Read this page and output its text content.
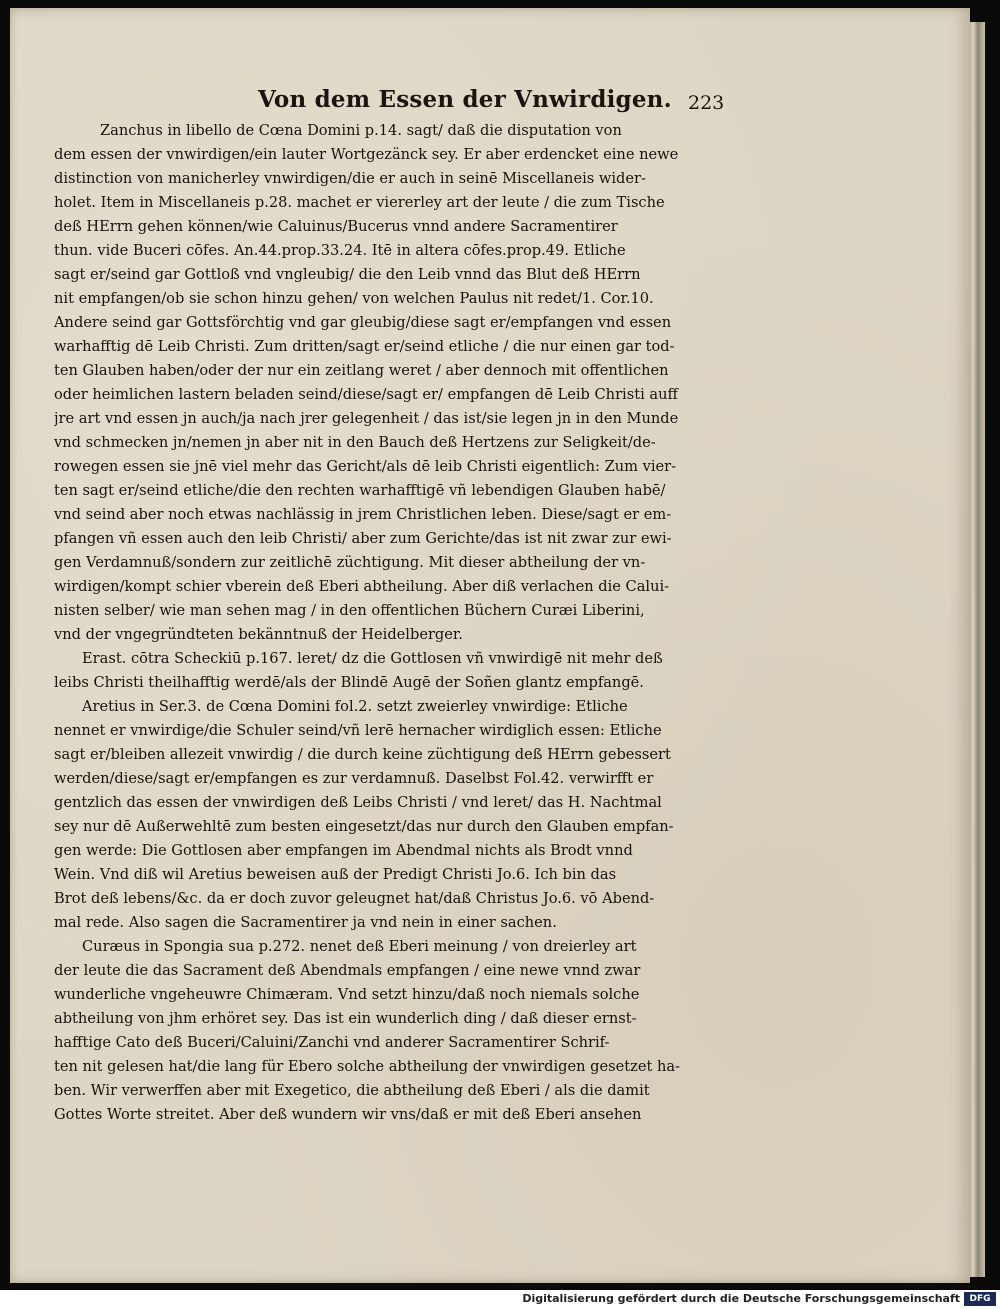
Von dem Essen der Vnwirdigen. 223
Zanchus in libello de Cœna Domini p.14. sagt/ daß die disputation von
dem essen der vnwirdigen/ein lauter Wortgezänck sey. Er aber erdencket eine newe
distinction von manicherley vnwirdigen/die er auch in seinē Miscellaneis wider-
holet. Item in Miscellaneis p.28. machet er viererley art der leute / die zum Tische
deß HErrn gehen können/wie Caluinus/Bucerus vnnd andere Sacramentirer
thun. vide Buceri cōfes. An.44.prop.33.24. Itē in altera cōfes.prop.49. Etliche
sagt er/seind gar Gottloß vnd vngleubig/ die den Leib vnnd das Blut deß HErrn
nit empfangen/ob sie schon hinzu gehen/ von welchen Paulus nit redet/1. Cor.10.
Andere seind gar Gottsförchtig vnd gar gleubig/diese sagt er/empfangen vnd essen
warhafftig dē Leib Christi. Zum dritten/sagt er/seind etliche / die nur einen gar tod-
ten Glauben haben/oder der nur ein zeitlang weret / aber dennoch mit offentlichen
oder heimlichen lastern beladen seind/diese/sagt er/ empfangen dē Leib Christi auff
jre art vnd essen jn auch/ja nach jrer gelegenheit / das ist/sie legen jn in den Munde
vnd schmecken jn/nemen jn aber nit in den Bauch deß Hertzens zur Seligkeit/de-
rowegen essen sie jnē viel mehr das Gericht/als dē leib Christi eigentlich: Zum vier-
ten sagt er/seind etliche/die den rechten warhafftigē vñ lebendigen Glauben habē/
vnd seind aber noch etwas nachlässig in jrem Christlichen leben. Diese/sagt er em-
pfangen vñ essen auch den leib Christi/ aber zum Gerichte/das ist nit zwar zur ewi-
gen Verdamnuß/sondern zur zeitlichē züchtigung. Mit dieser abtheilung der vn-
wirdigen/kompt schier vberein deß Eberi abtheilung. Aber diß verlachen die Calui-
nisten selber/ wie man sehen mag / in den offentlichen Büchern Curæi Liberini,
vnd der vngegründteten bekänntnuß der Heidelberger.
Erast. cōtra Scheckiū p.167. leret/ dz die Gottlosen vñ vnwirdigē nit mehr deß
leibs Christi theilhafftig werdē/als der Blindē Augē der Soñen glantz empfangē.
Aretius in Ser.3. de Cœna Domini fol.2. setzt zweierley vnwirdige: Etliche
nennet er vnwirdige/die Schuler seind/vñ lerē hernacher wirdiglich essen: Etliche
sagt er/bleiben allezeit vnwirdig / die durch keine züchtigung deß HErrn gebessert
werden/diese/sagt er/empfangen es zur verdamnuß. Daselbst Fol.42. verwirfft er
gentzlich das essen der vnwirdigen deß Leibs Christi / vnd leret/ das H. Nachtmal
sey nur dē Außerwehltē zum besten eingesetzt/das nur durch den Glauben empfan-
gen werde: Die Gottlosen aber empfangen im Abendmal nichts als Brodt vnnd
Wein. Vnd diß wil Aretius beweisen auß der Predigt Christi Jo.6. Ich bin das
Brot deß lebens/&c. da er doch zuvor geleugnet hat/daß Christus Jo.6. vō Abend-
mal rede. Also sagen die Sacramentirer ja vnd nein in einer sachen.
Curæus in Spongia sua p.272. nenet deß Eberi meinung / von dreierley art
der leute die das Sacrament deß Abendmals empfangen / eine newe vnnd zwar
wunderliche vngeheuwre Chimæram. Vnd setzt hinzu/daß noch niemals solche
abtheilung von jhm erhöret sey. Das ist ein wunderlich ding / daß dieser ernst-
hafftige Cato deß Buceri/Caluini/Zanchi vnd anderer Sacramentirer Schrif-
ten nit gelesen hat/die lang für Ebero solche abtheilung der vnwirdigen gesetzet ha-
ben. Wir verwerffen aber mit Exegetico, die abtheilung deß Eberi / als die damit
Gottes Worte streitet. Aber deß wundern wir vns/daß er mit deß Eberi ansehen
Digitalisierung gefördert durch die Deutsche Forschungsgemeinschaft	DFG
